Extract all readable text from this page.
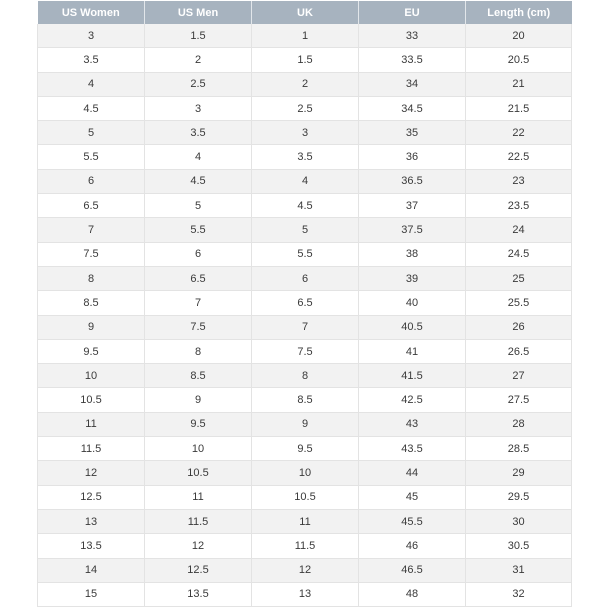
US Women	US Men	UK	EU	Length (cm)
3	1.5	1	33	20
3.5	2	1.5	33.5	20.5
4	2.5	2	34	21
4.5	3	2.5	34.5	21.5
5	3.5	3	35	22
5.5	4	3.5	36	22.5
6	4.5	4	36.5	23
6.5	5	4.5	37	23.5
7	5.5	5	37.5	24
7.5	6	5.5	38	24.5
8	6.5	6	39	25
8.5	7	6.5	40	25.5
9	7.5	7	40.5	26
9.5	8	7.5	41	26.5
10	8.5	8	41.5	27
10.5	9	8.5	42.5	27.5
11	9.5	9	43	28
11.5	10	9.5	43.5	28.5
12	10.5	10	44	29
12.5	11	10.5	45	29.5
13	11.5	11	45.5	30
13.5	12	11.5	46	30.5
14	12.5	12	46.5	31
15	13.5	13	48	32
